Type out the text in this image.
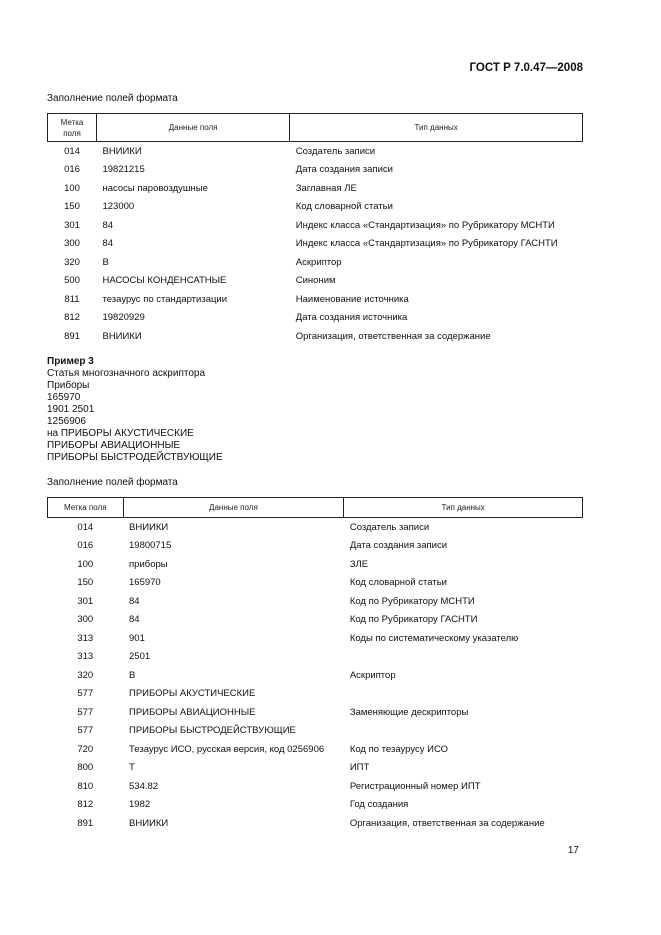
ГОСТ Р 7.0.47—2008
Заполнение полей формата
Метка поля	Данные поля	Тип данных
014	ВНИИКИ	Создатель записи
016	19821215	Дата создания записи
100	насосы паровоздушные	Заглавная ЛЕ
150	123000	Код словарной статьи
301	84	Индекс класса «Стандартизация» по Рубрикатору МСНТИ
300	84	Индекс класса «Стандартизация» по Рубрикатору ГАСНТИ
320	В	Аскриптор
500	НАСОСЫ КОНДЕНСАТНЫЕ	Синоним
811	тезаурус по стандартизации	Наименование источника
812	19820929	Дата создания источника
891	ВНИИКИ	Организация, ответственная за содержание
Пример 3
Статья многозначного аскриптора
Приборы
165970
1901 2501
1256906
на ПРИБОРЫ АКУСТИЧЕСКИЕ
ПРИБОРЫ АВИАЦИОННЫЕ
ПРИБОРЫ БЫСТРОДЕЙСТВУЮЩИЕ
Заполнение полей формата
Метка поля	Данные поля	Тип данных
014	ВНИИКИ	Создатель записи
016	19800715	Дата создания записи
100	приборы	ЗЛЕ
150	165970	Код словарной статьи
301	84	Код по Рубрикатору МСНТИ
300	84	Код по Рубрикатору ГАСНТИ
313	901	Коды по систематическому указателю
313	2501	
320	В	Аскриптор
577	ПРИБОРЫ АКУСТИЧЕСКИЕ	
577	ПРИБОРЫ АВИАЦИОННЫЕ	Заменяющие дескрипторы
577	ПРИБОРЫ БЫСТРОДЕЙСТВУЮЩИЕ	
720	Тезаурус ИСО, русская версия, код 0256906	Код по тезаурусу ИСО
800	Т	ИПТ
810	534.82	Регистрационный номер ИПТ
812	1982	Год создания
891	ВНИИКИ	Организация, ответственная за содержание
17
